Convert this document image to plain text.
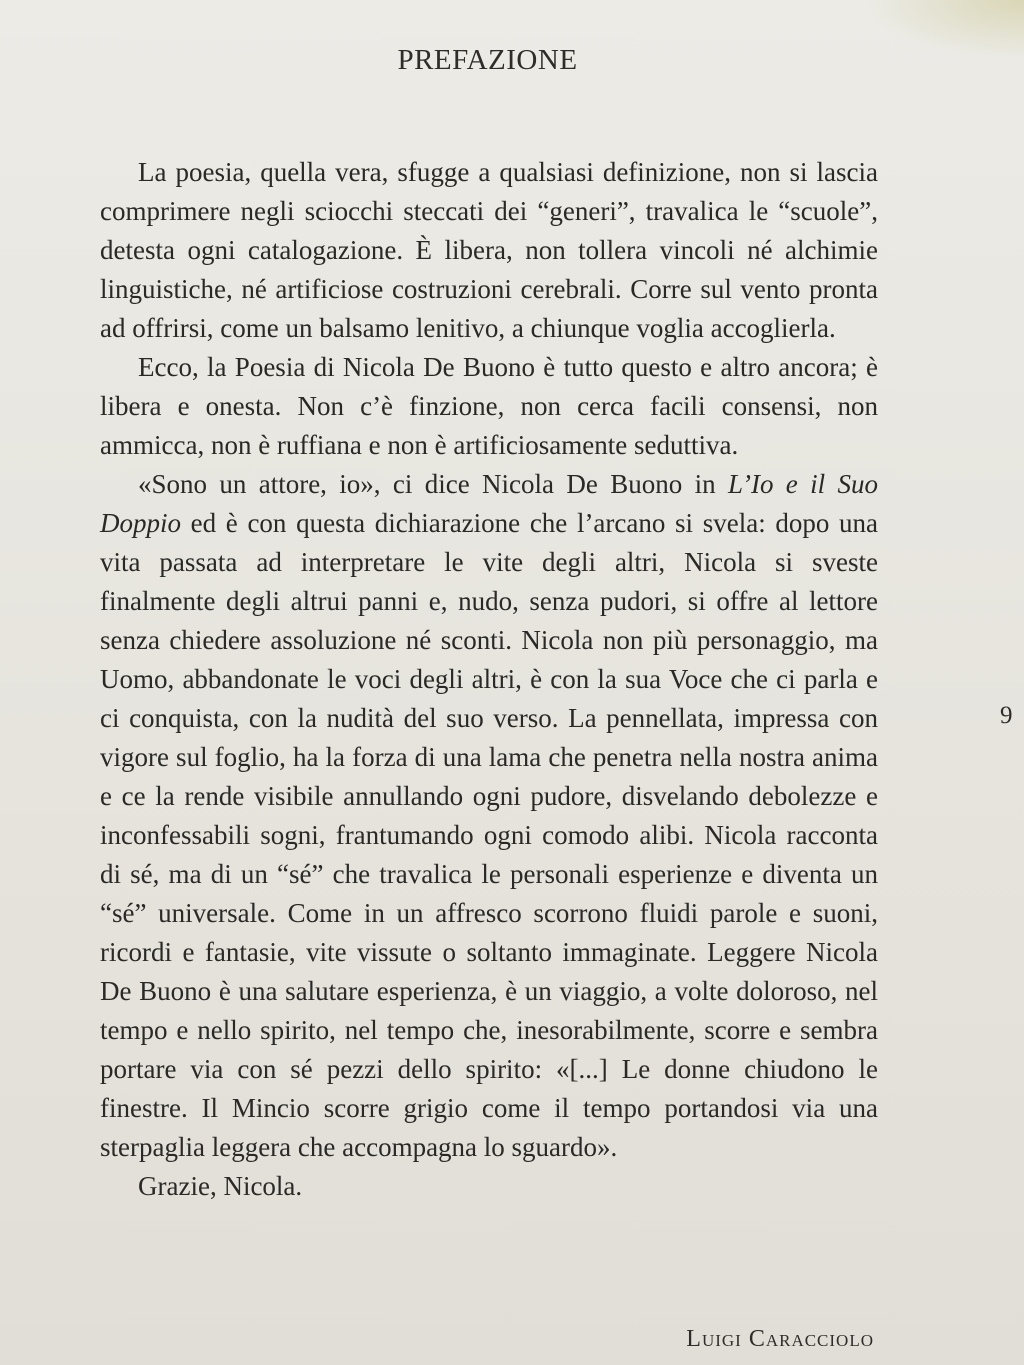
PREFAZIONE

La poesia, quella vera, sfugge a qualsiasi definizione, non si lascia comprimere negli sciocchi steccati dei “generi”, travalica le “scuole”, detesta ogni catalogazione. È libera, non tollera vincoli né alchimie linguistiche, né artificiose costruzioni cerebrali. Corre sul vento pronta ad offrirsi, come un balsamo lenitivo, a chiunque voglia accoglierla.

Ecco, la Poesia di Nicola De Buono è tutto questo e altro ancora; è libera e onesta. Non c’è finzione, non cerca facili consensi, non ammicca, non è ruffiana e non è artificiosamente seduttiva.

«Sono un attore, io», ci dice Nicola De Buono in L’Io e il Suo Doppio ed è con questa dichiarazione che l’arcano si svela: dopo una vita passata ad interpretare le vite degli altri, Nicola si sveste finalmente degli altrui panni e, nudo, senza pudori, si offre al lettore senza chiedere assoluzione né sconti. Nicola non più personaggio, ma Uomo, abbandonate le voci degli altri, è con la sua Voce che ci parla e ci conquista, con la nudità del suo verso. La pennellata, impressa con vigore sul foglio, ha la forza di una lama che penetra nella nostra anima e ce la rende visibile annullando ogni pudore, disvelando debolezze e inconfessabili sogni, frantumando ogni comodo alibi. Nicola racconta di sé, ma di un “sé” che travalica le personali esperienze e diventa un “sé” universale. Come in un affresco scorrono fluidi parole e suoni, ricordi e fantasie, vite vissute o soltanto immaginate. Leggere Nicola De Buono è una salutare esperienza, è un viaggio, a volte doloroso, nel tempo e nello spirito, nel tempo che, inesorabilmente, scorre e sembra portare via con sé pezzi dello spirito: «[...] Le donne chiudono le finestre. Il Mincio scorre grigio come il tempo portandosi via una sterpaglia leggera che accompagna lo sguardo».

Grazie, Nicola.

9
Luigi Caracciolo
